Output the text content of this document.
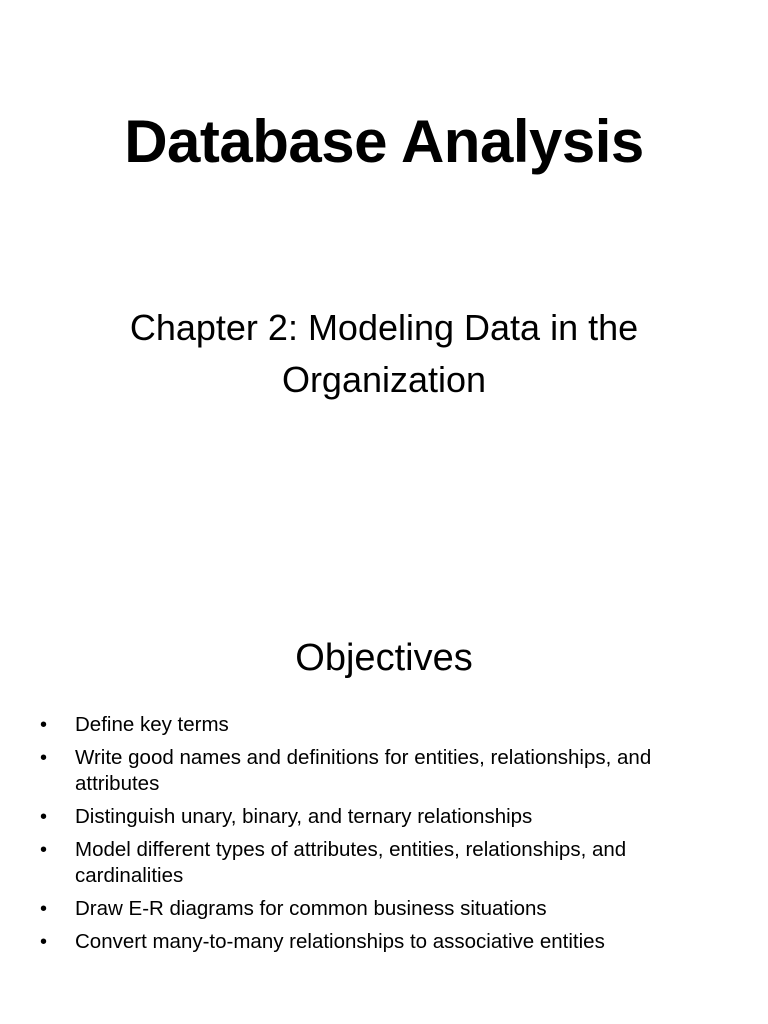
Database Analysis
Chapter 2: Modeling Data in the Organization
Objectives
•	Define key terms
•	Write good names and definitions for entities, relationships, and attributes
•	Distinguish unary, binary, and ternary relationships
•	Model different types of attributes, entities, relationships, and cardinalities
•	Draw E-R diagrams for common business situations
•	Convert many-to-many relationships to associative entities
